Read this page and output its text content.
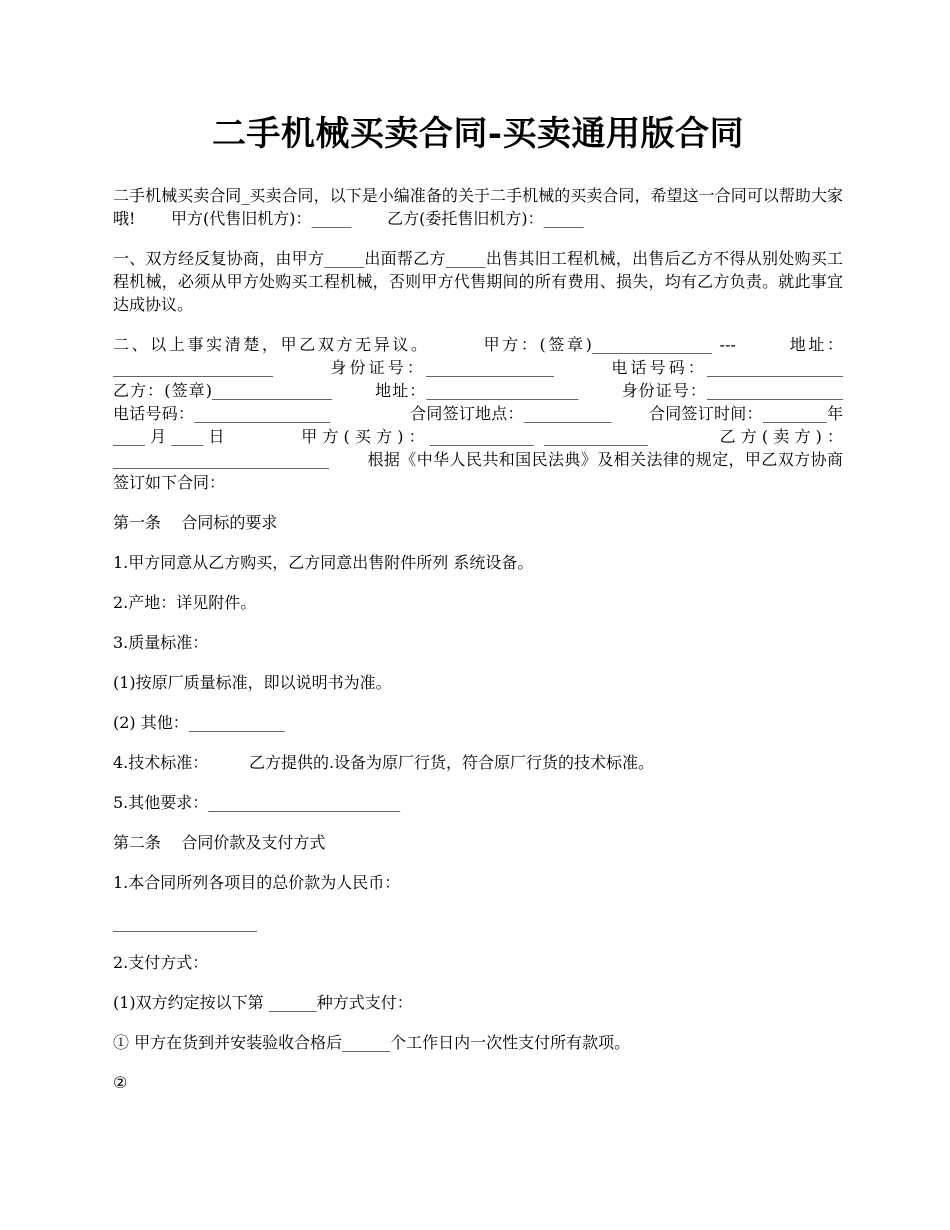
二手机械买卖合同-买卖通用版合同

二手机械买卖合同_买卖合同，以下是小编准备的关于二手机械的买卖合同，希望这一合同可以帮助大家哦!       甲方(代售旧机方)：_____       乙方(委托售旧机方)：_____

一、双方经反复协商，由甲方_____出面帮乙方_____出售其旧工程机械，出售后乙方不得从别处购买工程机械，必须从甲方处购买工程机械，否则甲方代售期间的所有费用、损失，均有乙方负责。就此事宜达成协议。

二、以上事实清楚，甲乙双方无异议。       甲方：(签章)_______________ ---       地址：____________________       身份证号：________________       电话号码：_________________                    乙方：(签章)_______________       地址：___________________       身份证号：_________________       电话号码：_________________               合同签订地点：___________       合同签订时间：________年____月____日       甲方(买方)：_____________ _____________       乙方(卖方)：___________________________       根据《中华人民共和国民法典》及相关法律的规定，甲乙双方协商签订如下合同：

第一条    合同标的要求

1.甲方同意从乙方购买，乙方同意出售附件所列 系统设备。

2.产地：详见附件。

3.质量标准：

(1)按原厂质量标准，即以说明书为准。

(2) 其他：____________

4.技术标准：        乙方提供的.设备为原厂行货，符合原厂行货的技术标准。

5.其他要求：________________________

第二条    合同价款及支付方式

1.本合同所列各项目的总价款为人民币：

__________________

2.支付方式：

(1)双方约定按以下第 ______种方式支付：

① 甲方在货到并安装验收合格后______个工作日内一次性支付所有款项。

②
